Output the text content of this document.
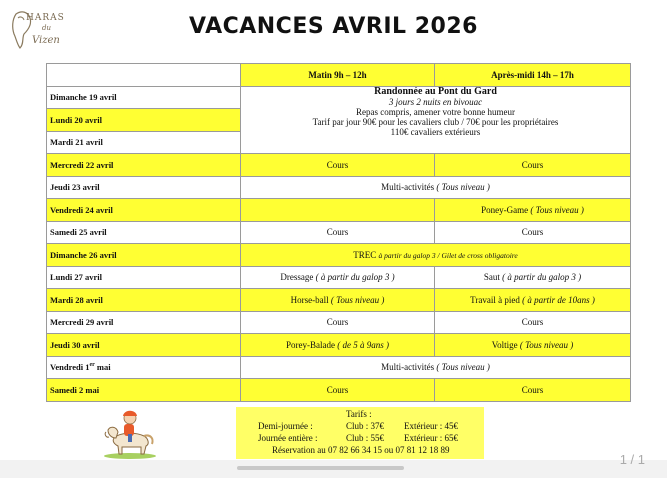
HARAS
du
Vizen
VACANCES AVRIL 2026
	Matin 9h – 12h	Après-midi 14h – 17h
Dimanche 19 avril	Randonnée au Pont du Gard
3 jours 2 nuits en bivouac
Repas compris, amener votre bonne humeur
Tarif par jour 90€ pour les cavaliers club / 70€ pour les propriétaires
110€ cavaliers extérieurs	

Lundi 20 avril		
Mardi 21 avril		
Mercredi 22 avril	Cours	Cours
Jeudi 23 avril	Multi-activités ( Tous niveau )	
Vendredi 24 avril		Poney-Game ( Tous niveau )
Samedi 25 avril	Cours	Cours
Dimanche 26 avril	TREC à partir du galop 3 / Gilet de cross obligatoire	
Lundi 27 avril	Dressage ( à partir du galop 3 )	Saut ( à partir du galop 3 )
Mardi 28 avril	Horse-ball ( Tous niveau )	Travail à pied ( à partir de 10ans )
Mercredi 29 avril	Cours	Cours
Jeudi 30 avril	Porey-Balade ( de 5 à 9ans )	Voltige ( Tous niveau )
Vendredi 1er mai	Multi-activités ( Tous niveau )	
Samedi 2 mai	Cours	Cours
Tarifs :
Demi-journée :	Club : 37€ Extérieur : 45€
Journée entière :	Club : 55€ Extérieur : 65€
Réservation au 07 82 66 34 15 ou 07 81 12 18 89
1 / 1
